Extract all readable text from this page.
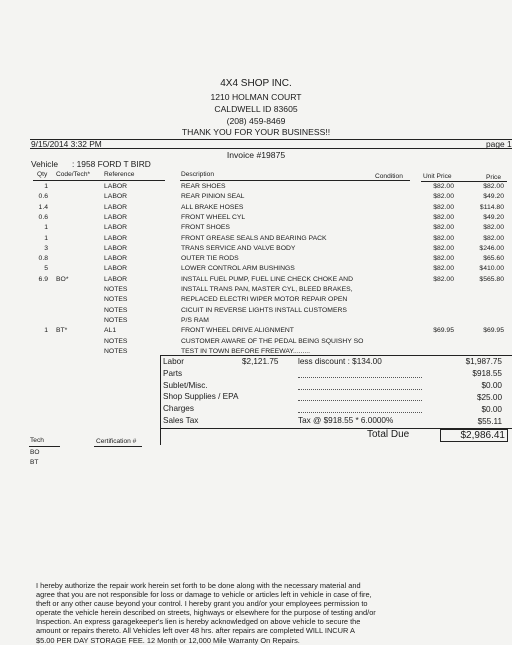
4X4 SHOP INC.
1210 HOLMAN COURT
CALDWELL ID 83605
(208) 459-8469
THANK YOU FOR YOUR BUSINESS!!
9/15/2014 3:32 PM	page 1
Invoice #19875
Vehicle : 1958 FORD T BIRD
Qty Code/Tech* Reference	Description	Condition	Unit Price	Price
1	LABOR	REAR SHOES	$82.00	$82.00
0.6	LABOR	REAR PINION SEAL	$82.00	$49.20
1.4	LABOR	ALL BRAKE HOSES	$82.00	$114.80
0.6	LABOR	FRONT WHEEL CYL	$82.00	$49.20
1	LABOR	FRONT SHOES	$82.00	$82.00
1	LABOR	FRONT GREASE SEALS AND BEARING PACK	$82.00	$82.00
3	LABOR	TRANS SERVICE AND VALVE BODY	$82.00	$246.00
0.8	LABOR	OUTER TIE RODS	$82.00	$65.60
5	LABOR	LOWER CONTROL ARM BUSHINGS	$82.00	$410.00
6.9 BO*	LABOR	INSTALL FUEL PUMP, FUEL LINE CHECK CHOKE AND	$82.00	$565.80
NOTES	INSTALL TRANS PAN, MASTER CYL, BLEED BRAKES,
NOTES	REPLACED ELECTRI WIPER MOTOR REPAIR OPEN
NOTES	CICUIT IN REVERSE LIGHTS INSTALL CUSTOMERS
NOTES	P/S RAM
1 BT*	AL1	FRONT WHEEL DRIVE ALIGNMENT	$69.95	$69.95
NOTES	CUSTOMER AWARE OF THE PEDAL BEING SQUISHY SO
NOTES	TEST IN TOWN BEFORE FREEWAY.........
Labor	$2,121.75 less discount : $134.00	$1,987.75
Parts	$918.55
Sublet/Misc.	$0.00
Shop Supplies / EPA	$25.00
Charges	$0.00
Sales Tax	Tax @ $918.55 * 6.0000%	$55.11
Total Due	$2,986.41
Tech	Certification #
BO
BT
I hereby authorize the repair work herein set forth to be done along with the necessary material and
agree that you are not responsible for loss or damage to vehicle or articles left in vehicle in case of fire,
theft or any other cause beyond your control. I hereby grant you and/or your employees permission to
operate the vehicle herein described on streets, highways or elsewhere for the purpose of testing and/or
Inspection. An express garagekeeper's lien is hereby acknowledged on above vehicle to secure the
amount or repairs thereto. All Vehicles left over 48 hrs. after repairs are completed WILL INCUR A
$5.00 PER DAY STORAGE FEE. 12 Month or 12,000 Mile Warranty On Repairs.
